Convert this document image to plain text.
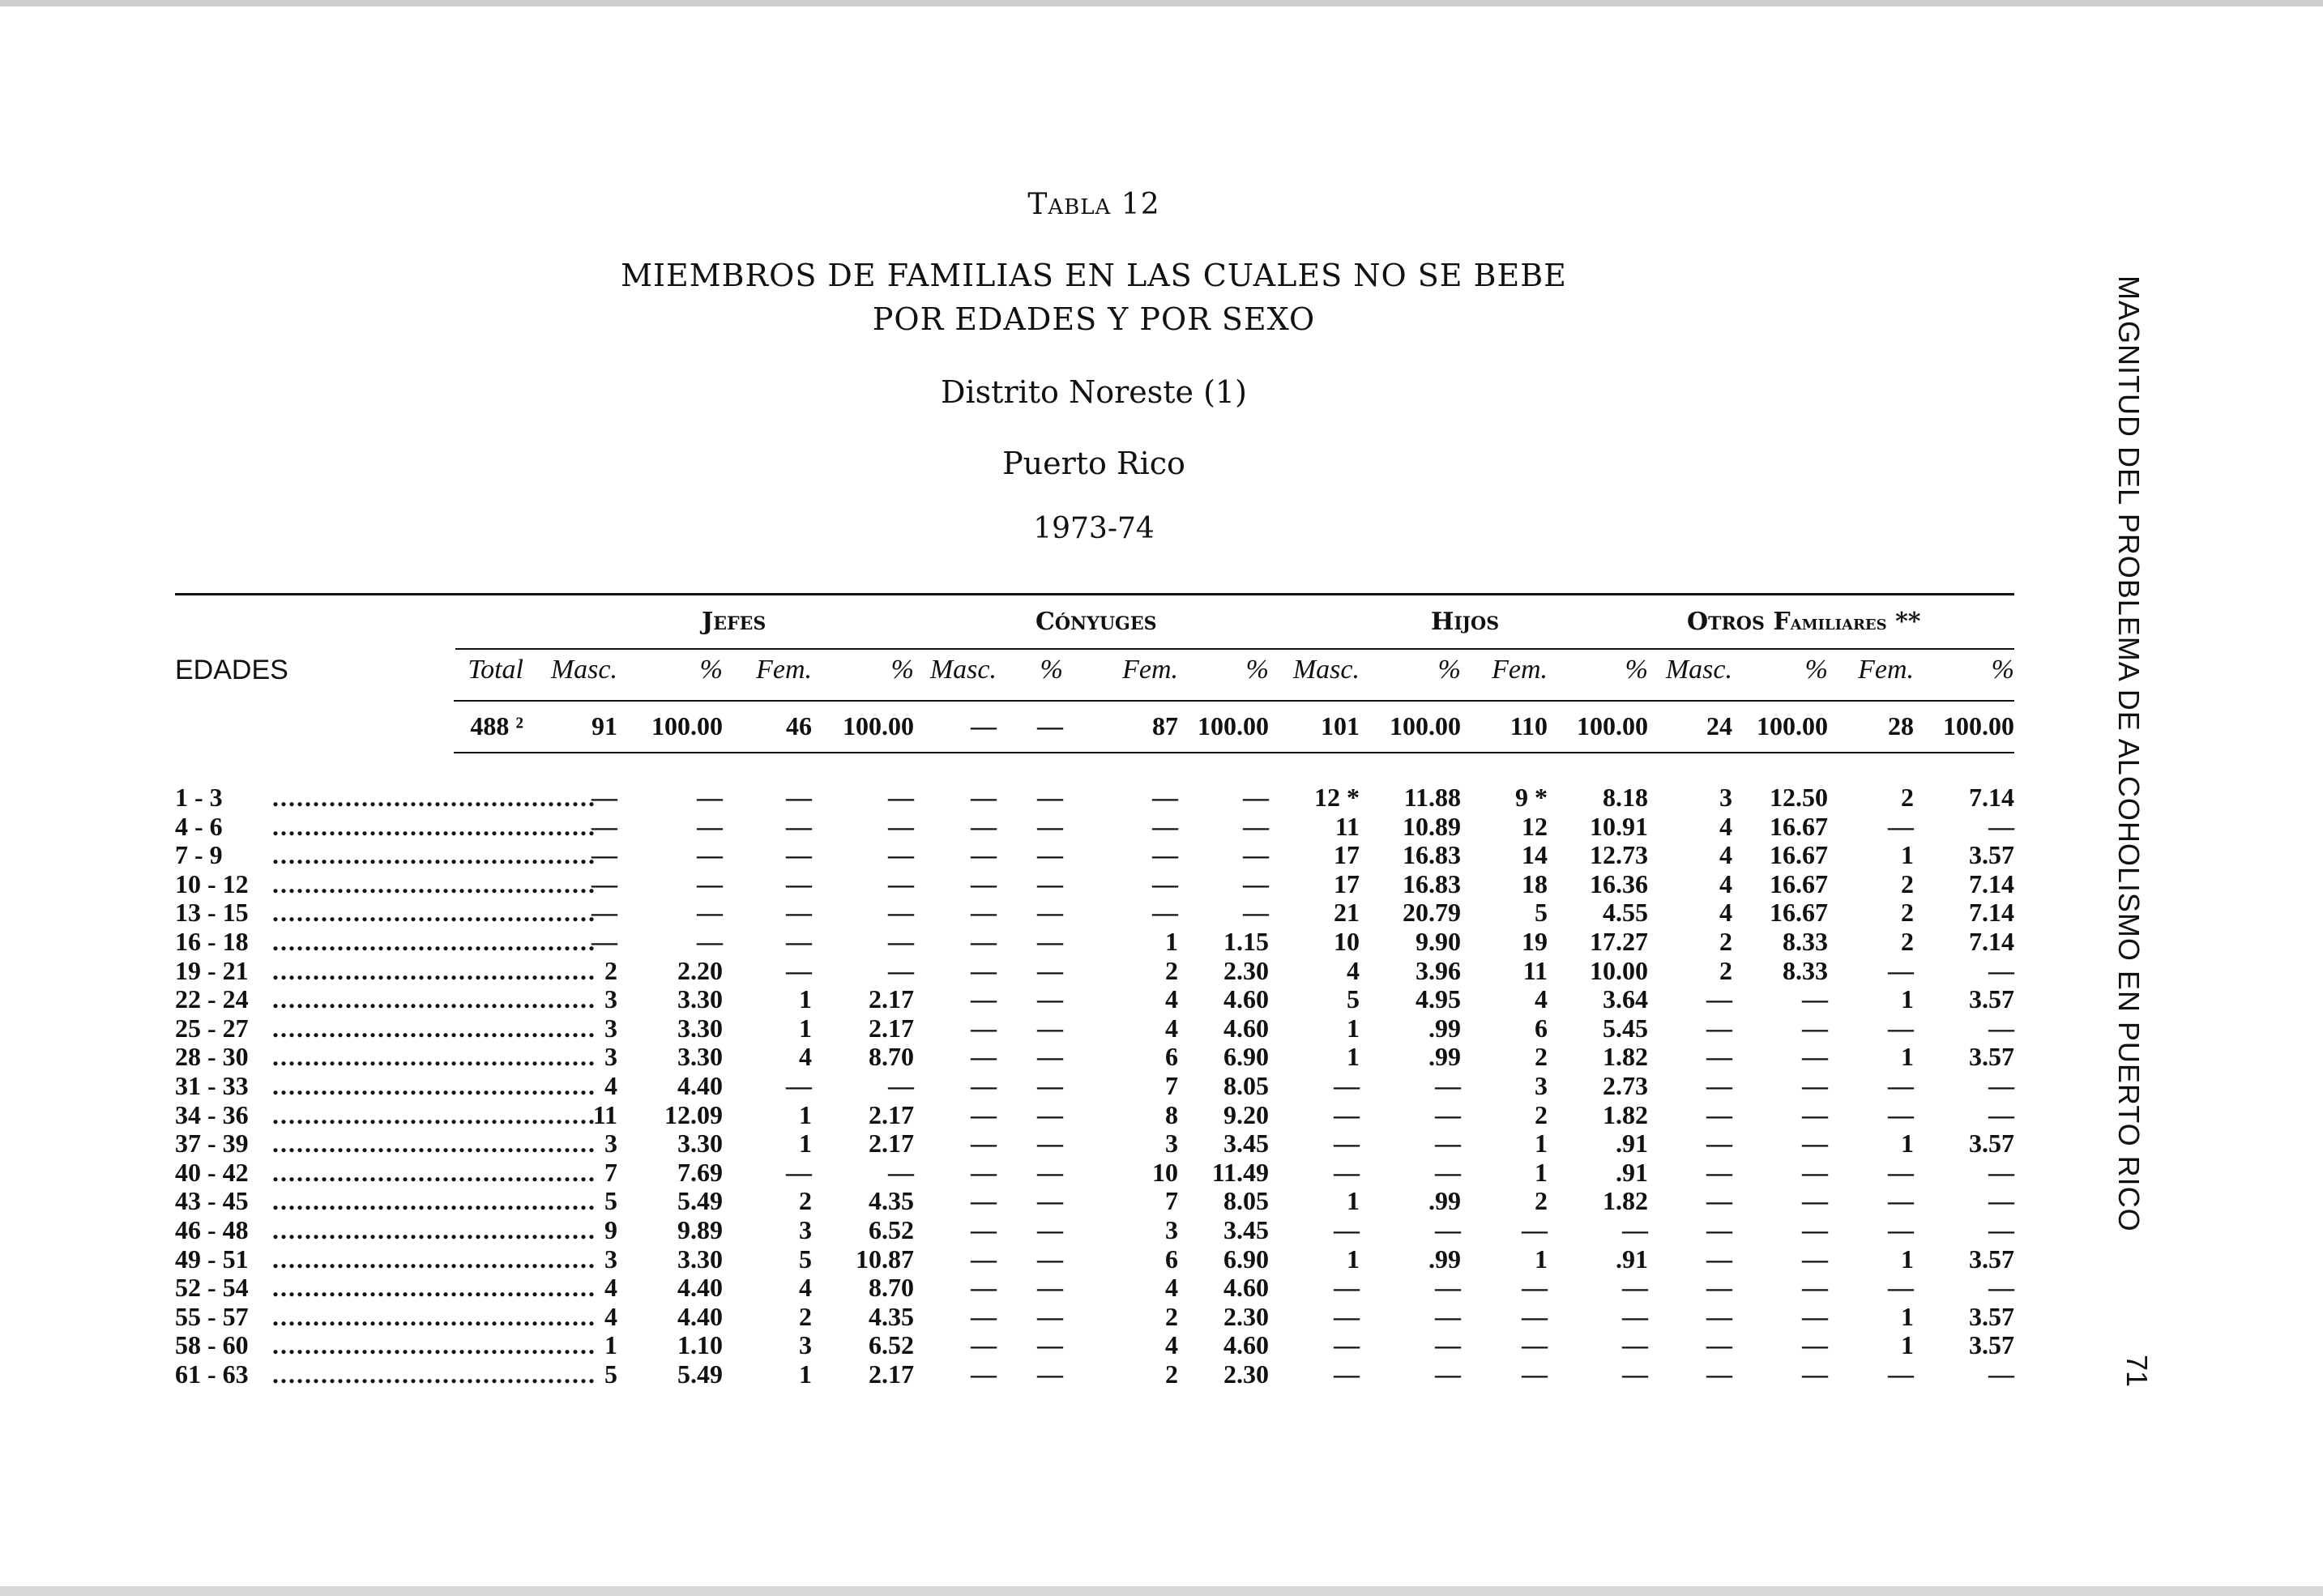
TABLA 12
MIEMBROS DE FAMILIAS EN LAS CUALES NO SE BEBE
POR EDADES Y POR SEXO
Distrito Noreste (1)
Puerto Rico
1973-74
JEFES	CÓNYUGES	HIJOS	OTROS FAMILIARES **
EDADES	Total Masc.	% Fem.	% Masc. % Fem. % Masc.	% Fem.	% Masc.	% Fem.	%
488 ²	91 100.00 46 100.00 — —	87 100.00 101 100.00 110 100.00 24 100.00 28 100.00
1 - 3 ........................................
—	— —	— — —	—	— 12 * 11.88 9 * 8.18	3 12.50	2 7.14
4 - 6 ........................................
—	— —	— — —	—	—	11 10.89 12 10.91	4 16.67 —	—
7 - 9 ........................................
—	— —	— — —	—	—	17 16.83 14 12.73	4 16.67	1 3.57
10 - 12 ........................................
—	— —	— — —	—	—	17 16.83 18 16.36	4 16.67	2 7.14
13 - 15 ........................................
—	— —	— — —	—	—	21 20.79	5 4.55	4 16.67	2 7.14
16 - 18 ........................................
—	— —	— — —	1 1.15	10 9.90 19 17.27	2 8.33	2 7.14
19 - 21 ........................................ 2 2.20 —	— — —	2 2.30	4 3.96 11 10.00	2 8.33 —	—
22 - 24 ........................................ 3 3.30	1 2.17 — —	4 4.60	5 4.95	4 3.64 —	—	1 3.57
25 - 27 ........................................ 3 3.30	1 2.17 — —	4 4.60	1	.99	6 5.45 —	— —	—
28 - 30 ........................................ 3 3.30	4 8.70 — —	6 6.90	1	.99	2 1.82 —	—	1 3.57
31 - 33 ........................................ 4 4.40 —	— — —	7 8.05	—	—	3 2.73 —	— —	—
34 - 36 ........................................
11 12.09	1 2.17 — —	8 9.20	—	—	2 1.82 —	— —	—
37 - 39 ........................................ 3 3.30	1 2.17 — —	3 3.45	—	—	1	.91 —	—	1 3.57
40 - 42 ........................................ 7 7.69 —	— — —	10 11.49	—	—	1	.91 —	— —	—
43 - 45 ........................................ 5 5.49	2 4.35 — —	7 8.05	1	.99	2 1.82 —	— —	—
46 - 48 ........................................ 9 9.89	3 6.52 — —	3 3.45	—	— —	— —	— —	—
49 - 51 ........................................ 3 3.30	5 10.87 — —	6 6.90	1	.99	1	.91 —	—	1 3.57
52 - 54 ........................................ 4 4.40	4 8.70 — —	4 4.60	—	— —	— —	— —	—
55 - 57 ........................................ 4 4.40	2 4.35 — —	2 2.30	—	— —	— —	—	1 3.57
58 - 60 ........................................ 1 1.10	3 6.52 — —	4 4.60	—	— —	— —	—	1 3.57
61 - 63 ........................................ 5 5.49	1 2.17 — —	2 2.30	—	— —	— —	— —	—
MAGNITUD DEL PROBLEMA DE ALCOHOLISMO EN PUERTO RICO
71
